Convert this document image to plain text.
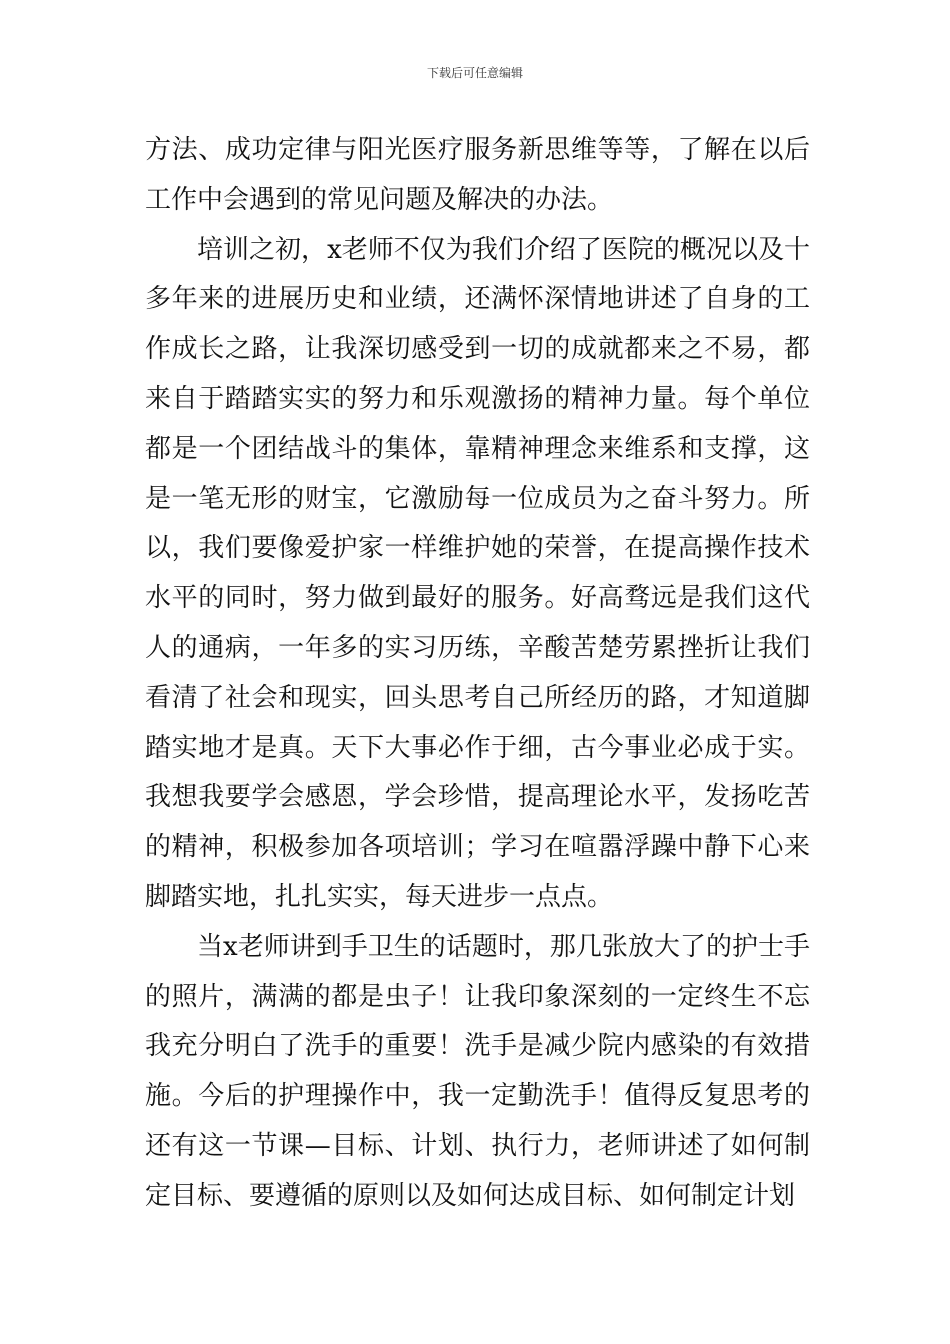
下载后可任意编辑

方法、成功定律与阳光医疗服务新思维等等，了解在以后工作中会遇到的常见问题及解决的办法。

培训之初，x老师不仅为我们介绍了医院的概况以及十多年来的进展历史和业绩，还满怀深情地讲述了自身的工作成长之路，让我深切感受到一切的成就都来之不易，都来自于踏踏实实的努力和乐观激扬的精神力量。每个单位都是一个团结战斗的集体，靠精神理念来维系和支撑，这是一笔无形的财宝，它激励每一位成员为之奋斗努力。所以，我们要像爱护家一样维护她的荣誉，在提高操作技术水平的同时，努力做到最好的服务。好高骛远是我们这代人的通病，一年多的实习历练，辛酸苦楚劳累挫折让我们看清了社会和现实，回头思考自己所经历的路，才知道脚踏实地才是真。天下大事必作于细，古今事业必成于实。我想我要学会感恩，学会珍惜，提高理论水平，发扬吃苦的精神，积极参加各项培训；学习在喧嚣浮躁中静下心来脚踏实地，扎扎实实，每天进步一点点。

当x老师讲到手卫生的话题时，那几张放大了的护士手的照片，满满的都是虫子！让我印象深刻的一定终生不忘我充分明白了洗手的重要！洗手是减少院内感染的有效措施。今后的护理操作中，我一定勤洗手！值得反复思考的还有这一节课—目标、计划、执行力，老师讲述了如何制定目标、要遵循的原则以及如何达成目标、如何制定计划
